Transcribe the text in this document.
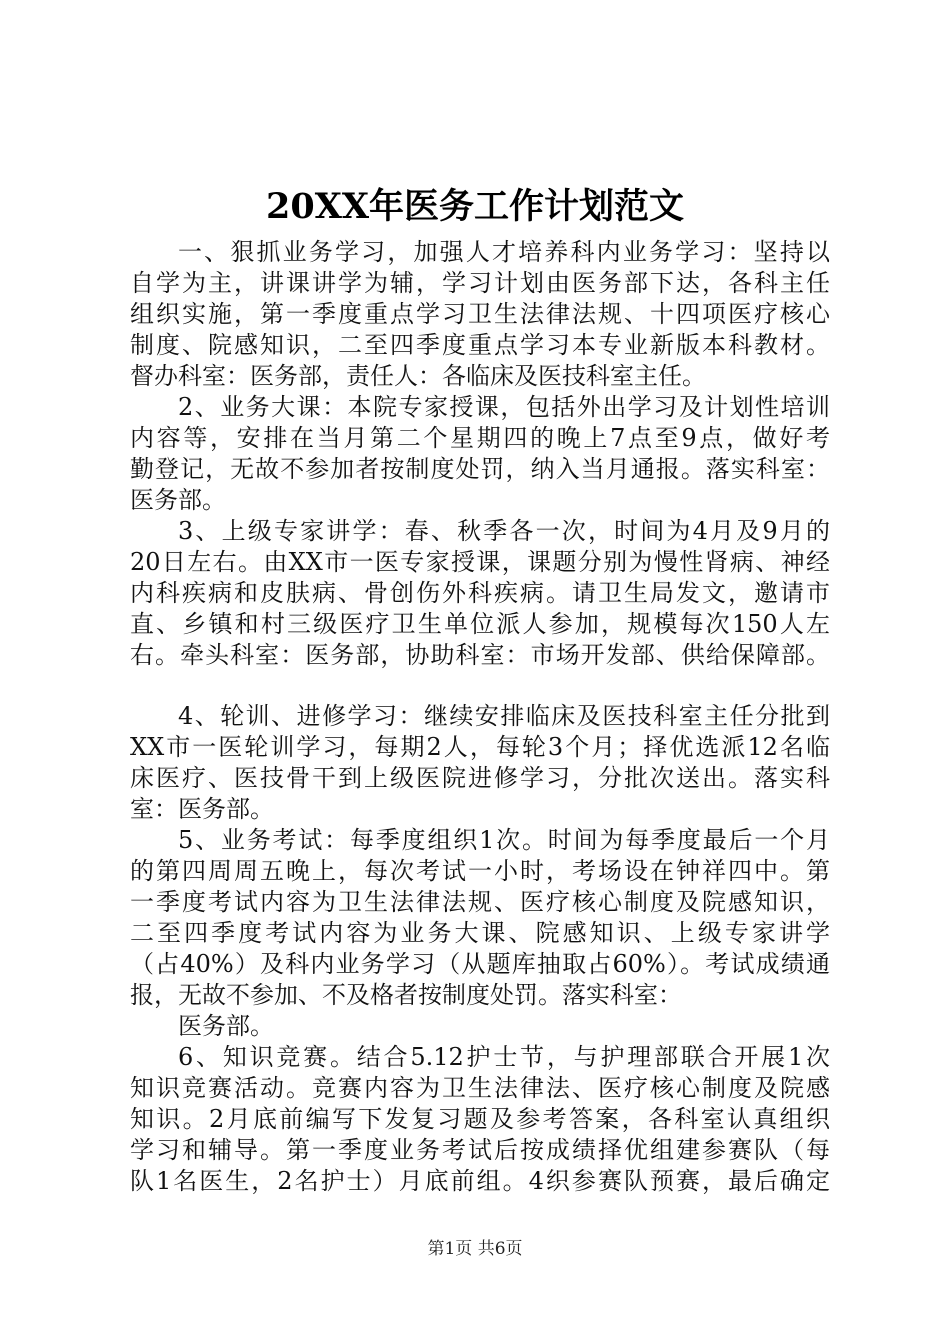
20XX年医务工作计划范文
一、狠抓业务学习，加强人才培养科内业务学习：坚持以
自学为主，讲课讲学为辅，学习计划由医务部下达，各科主任
组织实施，第一季度重点学习卫生法律法规、十四项医疗核心
制度、院感知识，二至四季度重点学习本专业新版本科教材。
督办科室：医务部，责任人：各临床及医技科室主任。
2、业务大课：本院专家授课，包括外出学习及计划性培训
内容等，安排在当月第二个星期四的晚上7点至9点，做好考
勤登记，无故不参加者按制度处罚，纳入当月通报。落实科室：
医务部。
3、上级专家讲学：春、秋季各一次，时间为4月及9月的
20日左右。由XX市一医专家授课，课题分别为慢性肾病、神经
内科疾病和皮肤病、骨创伤外科疾病。请卫生局发文，邀请市
直、乡镇和村三级医疗卫生单位派人参加，规模每次150人左
右。牵头科室：医务部，协助科室：市场开发部、供给保障部。
4、轮训、进修学习：继续安排临床及医技科室主任分批到
XX市一医轮训学习，每期2人，每轮3个月；择优选派12名临
床医疗、医技骨干到上级医院进修学习，分批次送出。落实科
室：医务部。
5、业务考试：每季度组织1次。时间为每季度最后一个月
的第四周周五晚上，每次考试一小时，考场设在钟祥四中。第
一季度考试内容为卫生法律法规、医疗核心制度及院感知识，
二至四季度考试内容为业务大课、院感知识、上级专家讲学
（占40%）及科内业务学习（从题库抽取占60%）。考试成绩通
报，无故不参加、不及格者按制度处罚。落实科室：
医务部。
6、知识竞赛。结合5.12护士节，与护理部联合开展1次
知识竞赛活动。竞赛内容为卫生法律法、医疗核心制度及院感
知识。2月底前编写下发复习题及参考答案，各科室认真组织
学习和辅导。第一季度业务考试后按成绩择优组建参赛队（每
队1名医生，2名护士）月底前组。4织参赛队预赛，最后确定
第1页 共6页
